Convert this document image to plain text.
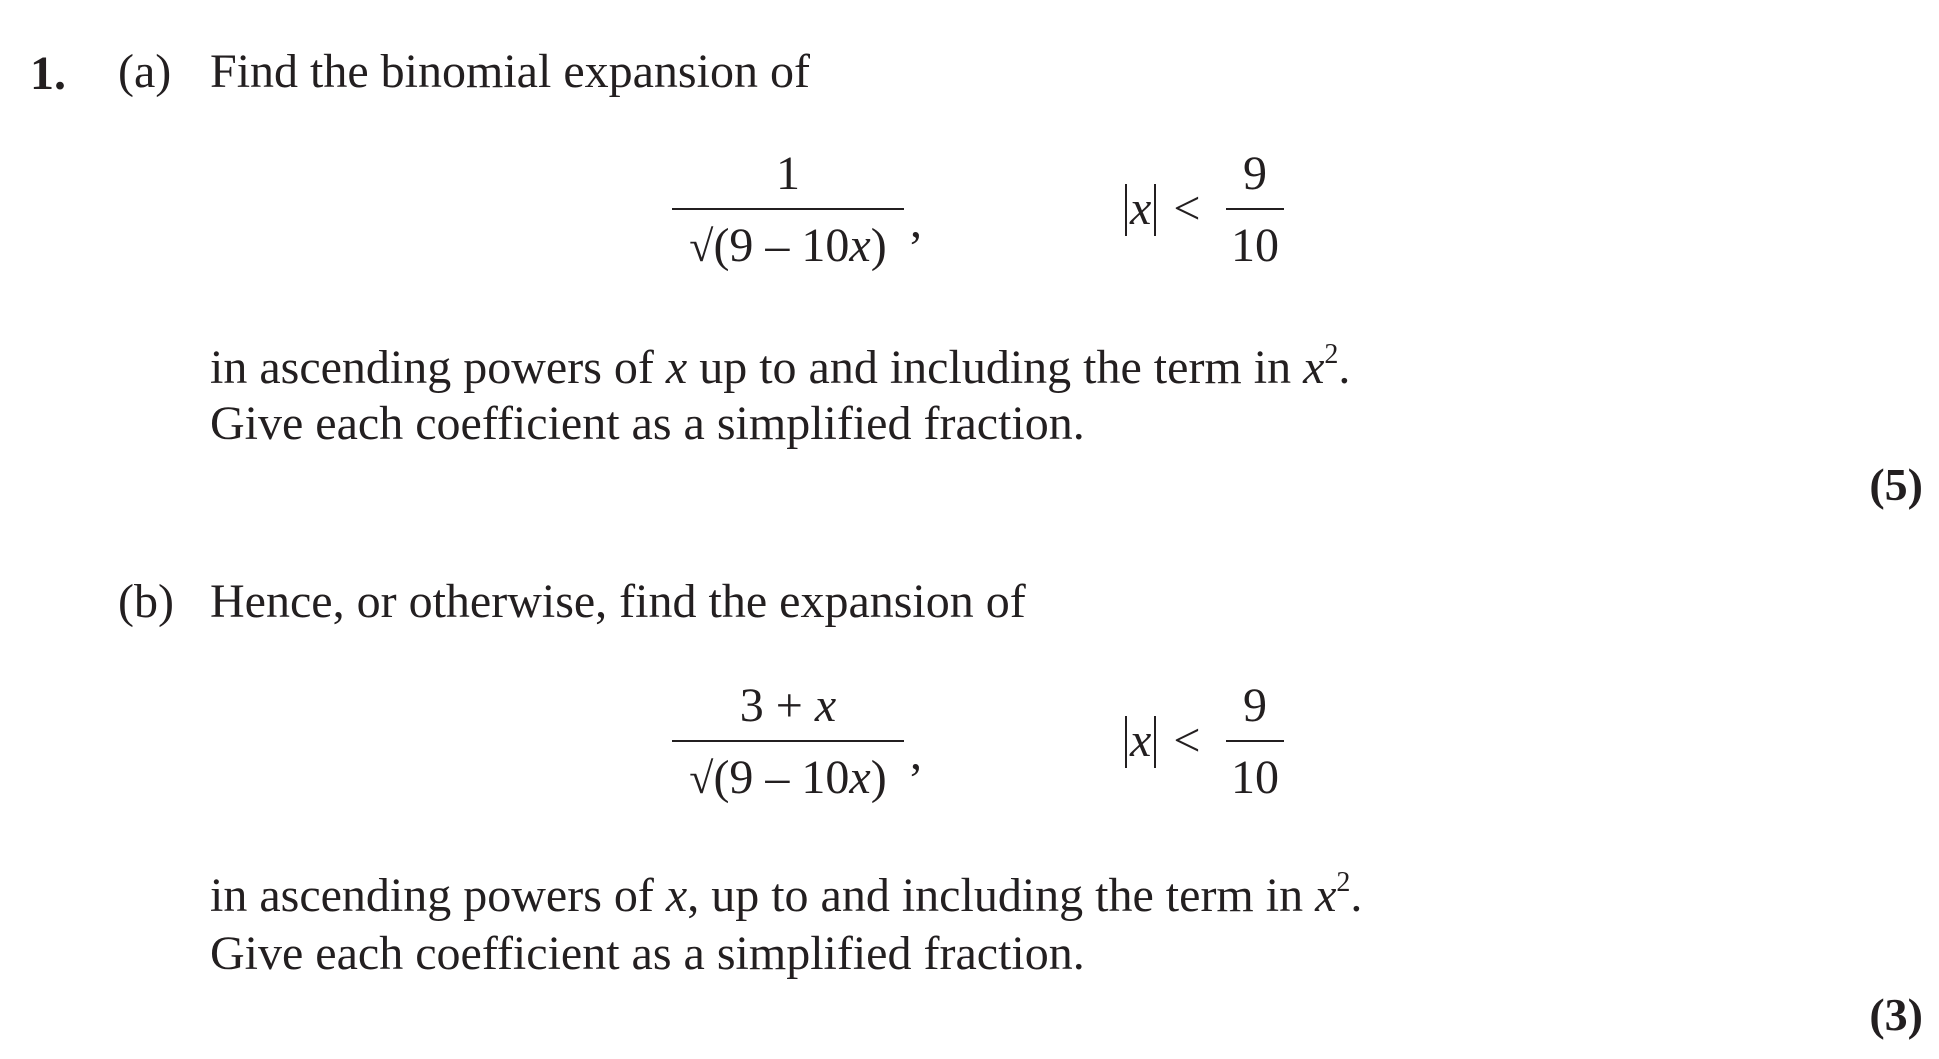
1. (a) Find the binomial expansion of
1
√(9 – 10x) ,	x <
9
10
in ascending powers of x up to and including the term in $x^2$.
Give each coefficient as a simplified fraction.
(5)
(b) Hence, or otherwise, find the expansion of
3 + x
√(9 – 10x) ,	x <
9
10
in ascending powers of x, up to and including the term in $x^2$.
Give each coefficient as a simplified fraction.
(3)
